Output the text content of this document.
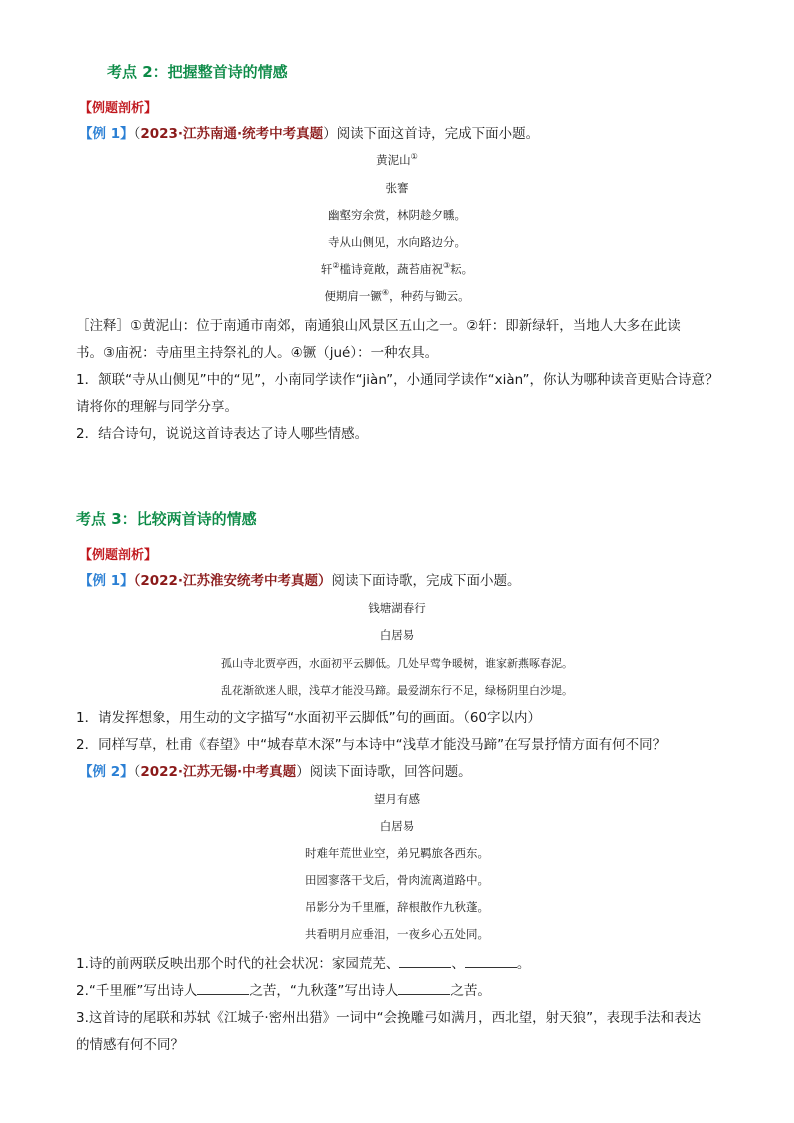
考点 2：把握整首诗的情感
【例题剖析】
【例 1】（2023·江苏南通·统考中考真题）阅读下面这首诗，完成下面小题。
黄泥山①
张謇
幽壑穷余赏，林阴趁夕曛。
寺从山侧见，水向路边分。
轩②槛诗竟敞，蔬苔庙祝③耘。
便期肩一镢④，种药与锄云。
［注释］①黄泥山：位于南通市南郊，南通狼山风景区五山之一。②轩：即新绿轩，当地人大多在此读
书。③庙祝：寺庙里主持祭礼的人。④镢（jué）：一种农具。
1．颔联“寺从山侧见”中的“见”，小南同学读作“jiàn”，小通同学读作“xiàn”，你认为哪种读音更贴合诗意？
请将你的理解与同学分享。
2．结合诗句，说说这首诗表达了诗人哪些情感。
考点 3：比较两首诗的情感
【例题剖析】
【例 1】（2022·江苏淮安统考中考真题）阅读下面诗歌，完成下面小题。
钱塘湖春行
白居易
孤山寺北贾亭西，水面初平云脚低。几处早莺争暖树，谁家新燕啄春泥。
乱花渐欲迷人眼，浅草才能没马蹄。最爱湖东行不足，绿杨阴里白沙堤。
1．请发挥想象，用生动的文字描写“水面初平云脚低”句的画面。（60字以内）
2．同样写草，杜甫《春望》中“城春草木深”与本诗中“浅草才能没马蹄”在写景抒情方面有何不同？
【例 2】（2022·江苏无锡·中考真题）阅读下面诗歌，回答问题。
望月有感
白居易
时难年荒世业空，弟兄羁旅各西东。
田园寥落干戈后，骨肉流离道路中。
吊影分为千里雁，辞根散作九秋蓬。
共看明月应垂泪，一夜乡心五处同。
1.诗的前两联反映出那个时代的社会状况：家园荒芜、	、	。
2.“千里雁”写出诗人	之苦，“九秋蓬”写出诗人	之苦。
3.这首诗的尾联和苏轼《江城子·密州出猎》一词中“会挽雕弓如满月，西北望，射天狼”，表现手法和表达
的情感有何不同？
